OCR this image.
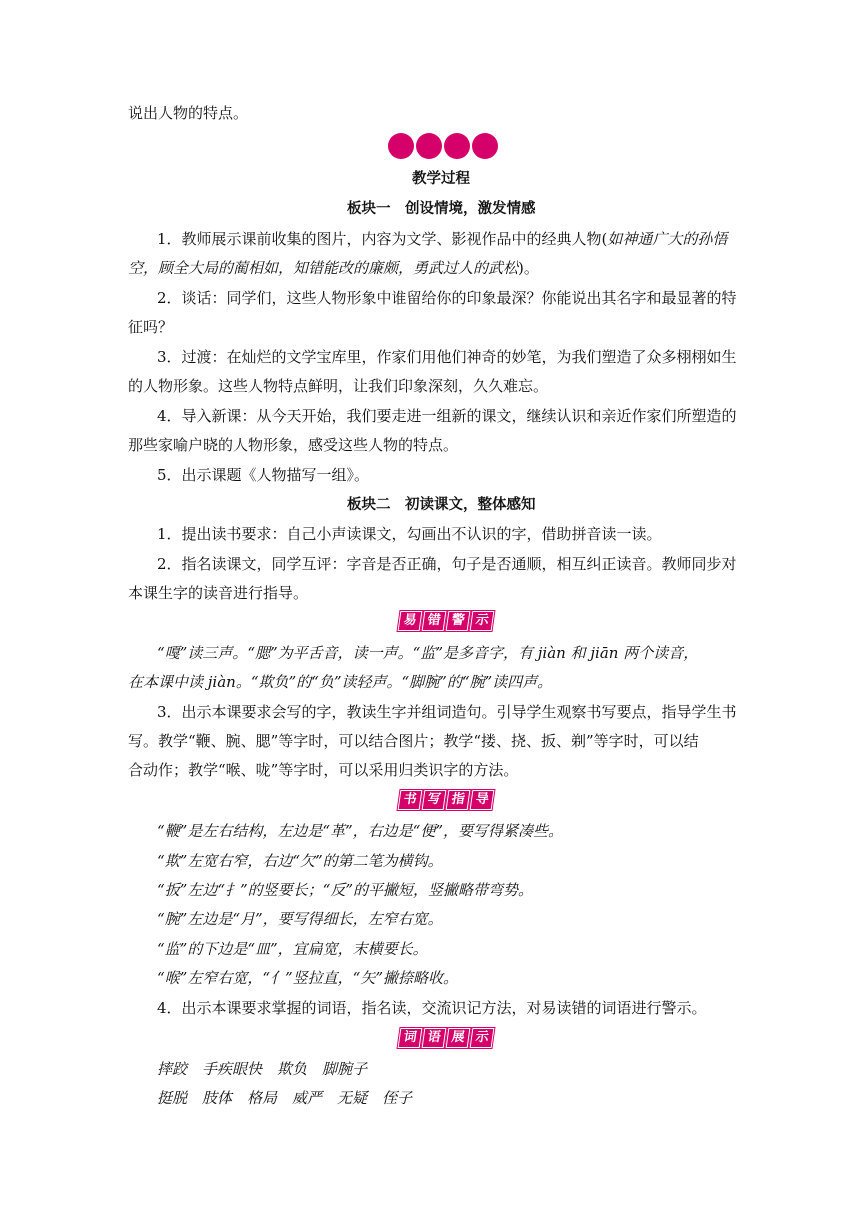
说出人物的特点。
教学过程
板块一　创设情境，激发情感
1．教师展示课前收集的图片，内容为文学、影视作品中的经典人物(如神通广大的孙悟
空，顾全大局的蔺相如，知错能改的廉颇，勇武过人的武松)。
2．谈话：同学们，这些人物形象中谁留给你的印象最深？你能说出其名字和最显著的特
征吗？
3．过渡：在灿烂的文学宝库里，作家们用他们神奇的妙笔，为我们塑造了众多栩栩如生
的人物形象。这些人物特点鲜明，让我们印象深刻，久久难忘。
4．导入新课：从今天开始，我们要走进一组新的课文，继续认识和亲近作家们所塑造的
那些家喻户晓的人物形象，感受这些人物的特点。
5．出示课题《人物描写一组》。
板块二　初读课文，整体感知
1．提出读书要求：自己小声读课文，勾画出不认识的字，借助拼音读一读。
2．指名读课文，同学互评：字音是否正确，句子是否通顺，相互纠正读音。教师同步对
本课生字的读音进行指导。
易 错 警 示
“嘎”读三声。“腮”为平舌音，读一声。“监”是多音字，有 jiàn 和 jiān 两个读音，
在本课中读 jiàn。“欺负”的“负”读轻声。“脚腕”的“腕”读四声。
3．出示本课要求会写的字，教读生字并组词造句。引导学生观察书写要点，指导学生书
写。教学“鞭、腕、腮”等字时，可以结合图片；教学“搂、挠、扳、剃”等字时，可以结
合动作；教学“喉、咙”等字时，可以采用归类识字的方法。
书 写 指 导
“鞭”是左右结构，左边是“革”，右边是“便”，要写得紧凑些。
“欺”左宽右窄，右边“欠”的第二笔为横钩。
“扳”左边“扌”的竖要长；“反”的平撇短，竖撇略带弯势。
“腕”左边是“月”，要写得细长，左窄右宽。
“监”的下边是“皿”，宜扁宽，末横要长。
“喉”左窄右宽，“亻”竖拉直，“矢”撇捺略收。
4．出示本课要求掌握的词语，指名读，交流识记方法，对易读错的词语进行警示。
词 语 展 示
摔跤　手疾眼快　欺负　脚腕子
挺脱　肢体　格局　威严　无疑　侄子
